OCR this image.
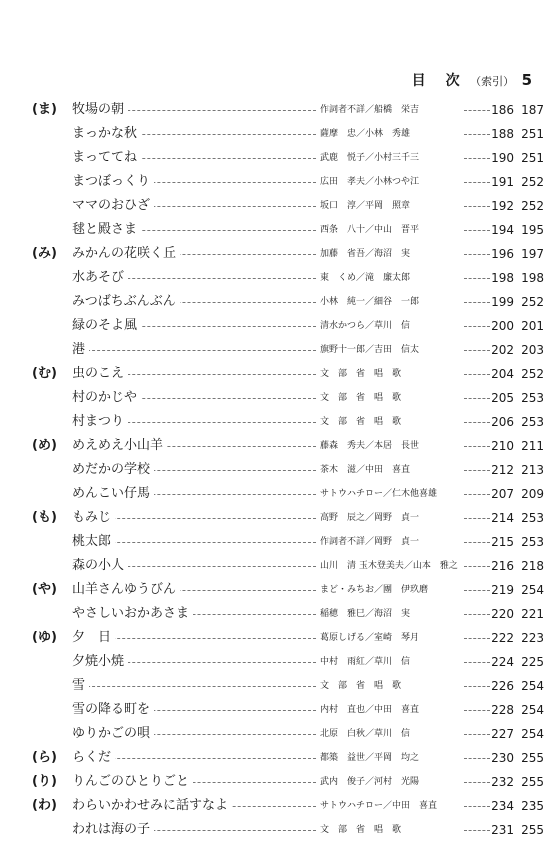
目　次 （索引） 5
(ま)	牧場の朝	作詞者不詳／船橋　栄吉	186 187
まっかな秋	薩摩　忠／小林　秀雄	188 251
まっててね	武鹿　悦子／小村三千三	190 251
まつぼっくり	広田　孝夫／小林つや江	191 252
ママのおひざ	坂口　淳／平岡　照章	192 252
毬と殿さま	西条　八十／中山　晋平	194 195
(み)	みかんの花咲く丘	加藤　省吾／海沼　実	196 197
水あそび	東　くめ／滝　廉太郎	198 198
みつばちぶんぶん	小林　純一／細谷　一郎	199 252
緑のそよ風	清水かつら／草川　信	200 201
港	旗野十一郎／吉田　信太	202 203
(む)	虫のこえ	文　部　省　唱　歌	204 252
村のかじや	文　部　省　唱　歌	205 253
村まつり	文　部　省　唱　歌	206 253
(め)	めえめえ小山羊	藤森　秀夫／本居　長世	210 211
めだかの学校	茶木　滋／中田　喜直	212 213
めんこい仔馬	サトウハチロー／仁木他喜雄	207 209
(も)	もみじ	高野　辰之／岡野　貞一	214 253
桃太郎	作詞者不詳／岡野　貞一	215 253
森の小人	山川　清 玉木登美夫／山本　雅之	216 218
(や)	山羊さんゆうびん	まど・みちお／團　伊玖磨	219 254
やさしいおかあさま	稲穂　雅巳／海沼　実	220 221
(ゆ)	夕　日	葛原しげる／室崎　琴月	222 223
夕焼小焼	中村　雨紅／草川　信	224 225
雪	文　部　省　唱　歌	226 254
雪の降る町を	内村　直也／中田　喜直	228 254
ゆりかごの唄	北原　白秋／草川　信	227 254
(ら)	らくだ	都築　益世／平岡　均之	230 255
(り)	りんごのひとりごと	武内　俊子／河村　光陽	232 255
(わ)	わらいかわせみに話すなよ	サトウハチロー／中田　喜直	234 235
われは海の子	文　部　省　唱　歌	231 255
